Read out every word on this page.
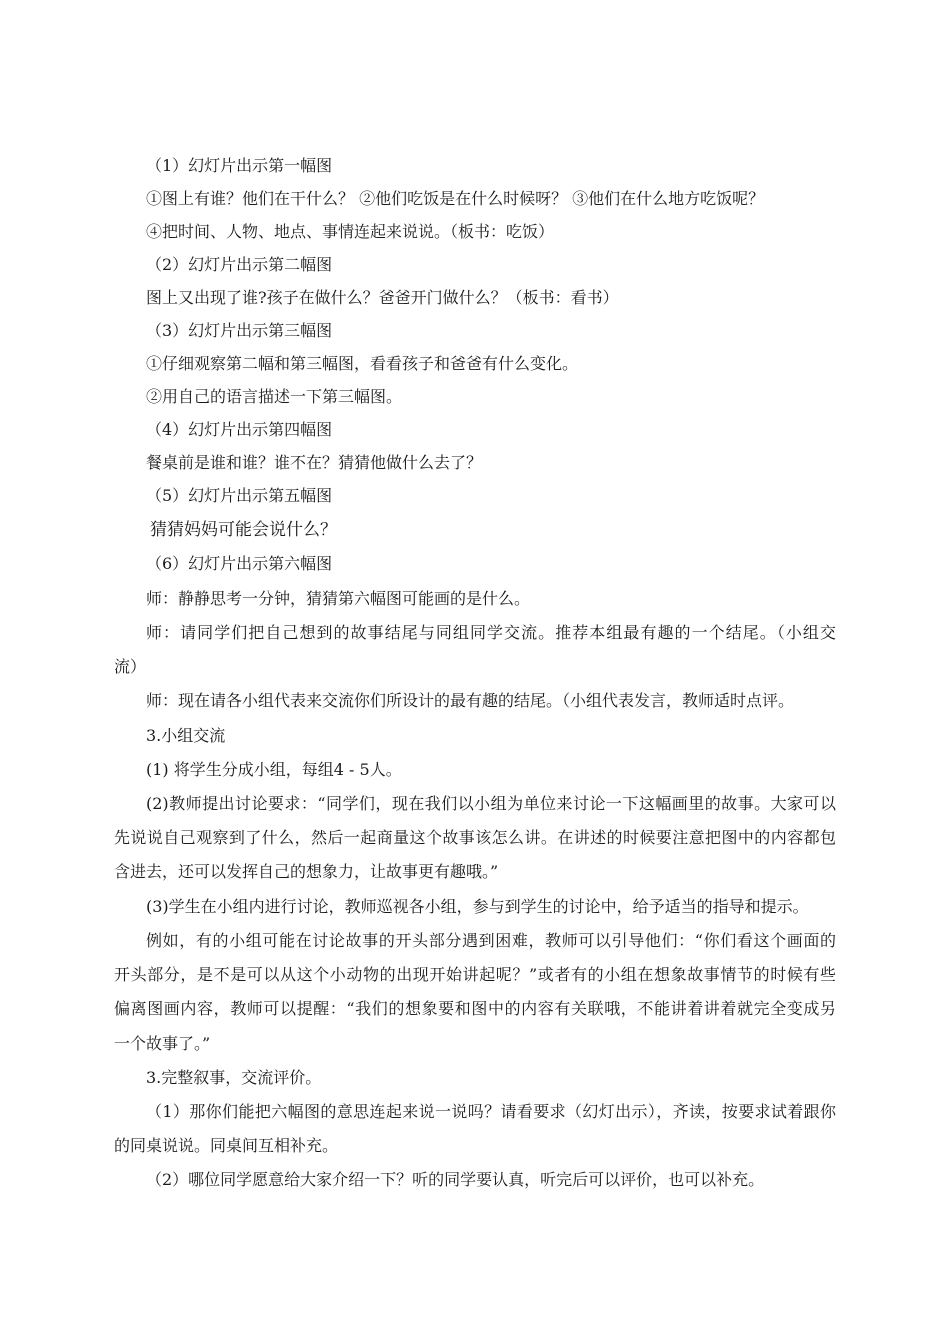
（1）幻灯片出示第一幅图
①图上有谁？他们在干什么？ ②他们吃饭是在什么时候呀？ ③他们在什么地方吃饭呢？
④把时间、人物、地点、事情连起来说说。（板书：吃饭）
（2）幻灯片出示第二幅图
图上又出现了谁?孩子在做什么？爸爸开门做什么？（板书：看书）
（3）幻灯片出示第三幅图
①仔细观察第二幅和第三幅图，看看孩子和爸爸有什么变化。
②用自己的语言描述一下第三幅图。
（4）幻灯片出示第四幅图
餐桌前是谁和谁？谁不在？猜猜他做什么去了？
（5）幻灯片出示第五幅图
猜猜妈妈可能会说什么？
（6）幻灯片出示第六幅图
师：静静思考一分钟，猜猜第六幅图可能画的是什么。
师：请同学们把自己想到的故事结尾与同组同学交流。推荐本组最有趣的一个结尾。（小组交
流）
师：现在请各小组代表来交流你们所设计的最有趣的结尾。（小组代表发言，教师适时点评。
3.小组交流
(1) 将学生分成小组，每组4 - 5人。
(2)教师提出讨论要求：“同学们，现在我们以小组为单位来讨论一下这幅画里的故事。大家可以
先说说自己观察到了什么，然后一起商量这个故事该怎么讲。在讲述的时候要注意把图中的内容都包
含进去，还可以发挥自己的想象力，让故事更有趣哦。”
(3)学生在小组内进行讨论，教师巡视各小组，参与到学生的讨论中，给予适当的指导和提示。
例如，有的小组可能在讨论故事的开头部分遇到困难，教师可以引导他们：“你们看这个画面的
开头部分，是不是可以从这个小动物的出现开始讲起呢？”或者有的小组在想象故事情节的时候有些
偏离图画内容，教师可以提醒：“我们的想象要和图中的内容有关联哦，不能讲着讲着就完全变成另
一个故事了。”
3.完整叙事，交流评价。
（1）那你们能把六幅图的意思连起来说一说吗？请看要求（幻灯出示），齐读，按要求试着跟你
的同桌说说。同桌间互相补充。
（2）哪位同学愿意给大家介绍一下？听的同学要认真，听完后可以评价，也可以补充。
